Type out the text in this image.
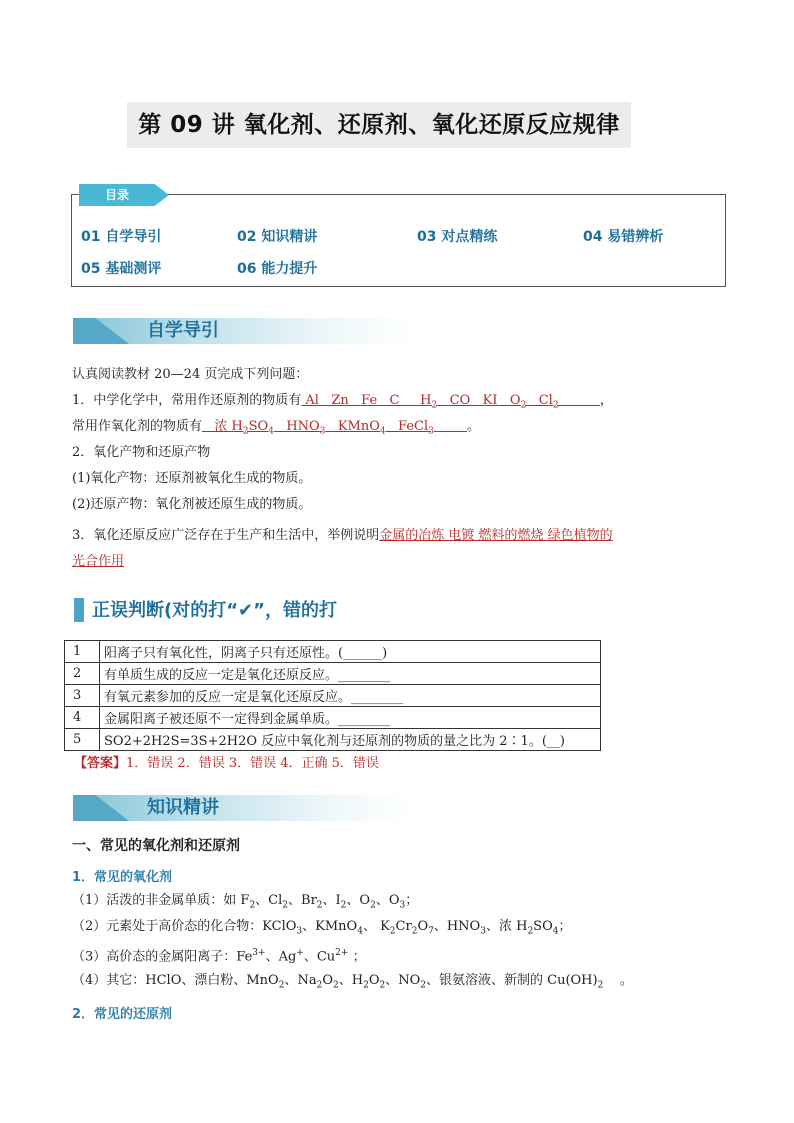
第 09 讲 氧化剂、还原剂、氧化还原反应规律
目录
01 自学导引	02 知识精讲	03 对点精练	04 易错辨析
05 基础测评	06 能力提升
自学导引
认真阅读教材 20—24 页完成下列问题：
1．中学化学中，常用作还原剂的物质有 Al   Zn   Fe   C     $H_2$   CO   KI   $O_2$   $Cl_2$	，
常用作氧化剂的物质有   浓 $H_2SO_4$   $HNO_3$   KMnO$_4$   FeCl$_3$	。
2．氧化产物和还原产物
(1)氧化产物：还原剂被氧化生成的物质。
(2)还原产物：氧化剂被还原生成的物质。
3．氧化还原反应广泛存在于生产和生活中，举例说明金属的冶炼 电镀 燃料的燃烧 绿色植物的
光合作用
正误判断(对的打“✔”，错的打
1	阳离子只有氧化性，阴离子只有还原性。(______)
2	有单质生成的反应一定是氧化还原反应。________
3	有氧元素参加的反应一定是氧化还原反应。________
4	金属阳离子被还原不一定得到金属单质。________
5	SO2+2H2S=3S+2H2O 反应中氧化剂与还原剂的物质的量之比为 2∶1。(__)
【答案】1．错误 2．错误 3．错误 4．正确 5．错误
知识精讲
一、常见的氧化剂和还原剂
1．常见的氧化剂
（1）活泼的非金属单质：如 $F_2$、$Cl_2$、$Br_2$、$I_2$、$O_2$、$O_3$；
（2）元素处于高价态的化合物：KClO$_3$、KMnO$_4$、 $K_2Cr_2O_7$、$HNO_3$、浓 $H_2SO_4$；
（3）高价态的金属阳离子：$Fe^{3+}$、Ag+、$Cu^{2+}$ ；
（4）其它：HClO、漂白粉、MnO$_2$、$Na_2O_2$、$H_2O_2$、$NO_2$、银氨溶液、新制的 $Cu(OH)_2$    。
2．常见的还原剂
